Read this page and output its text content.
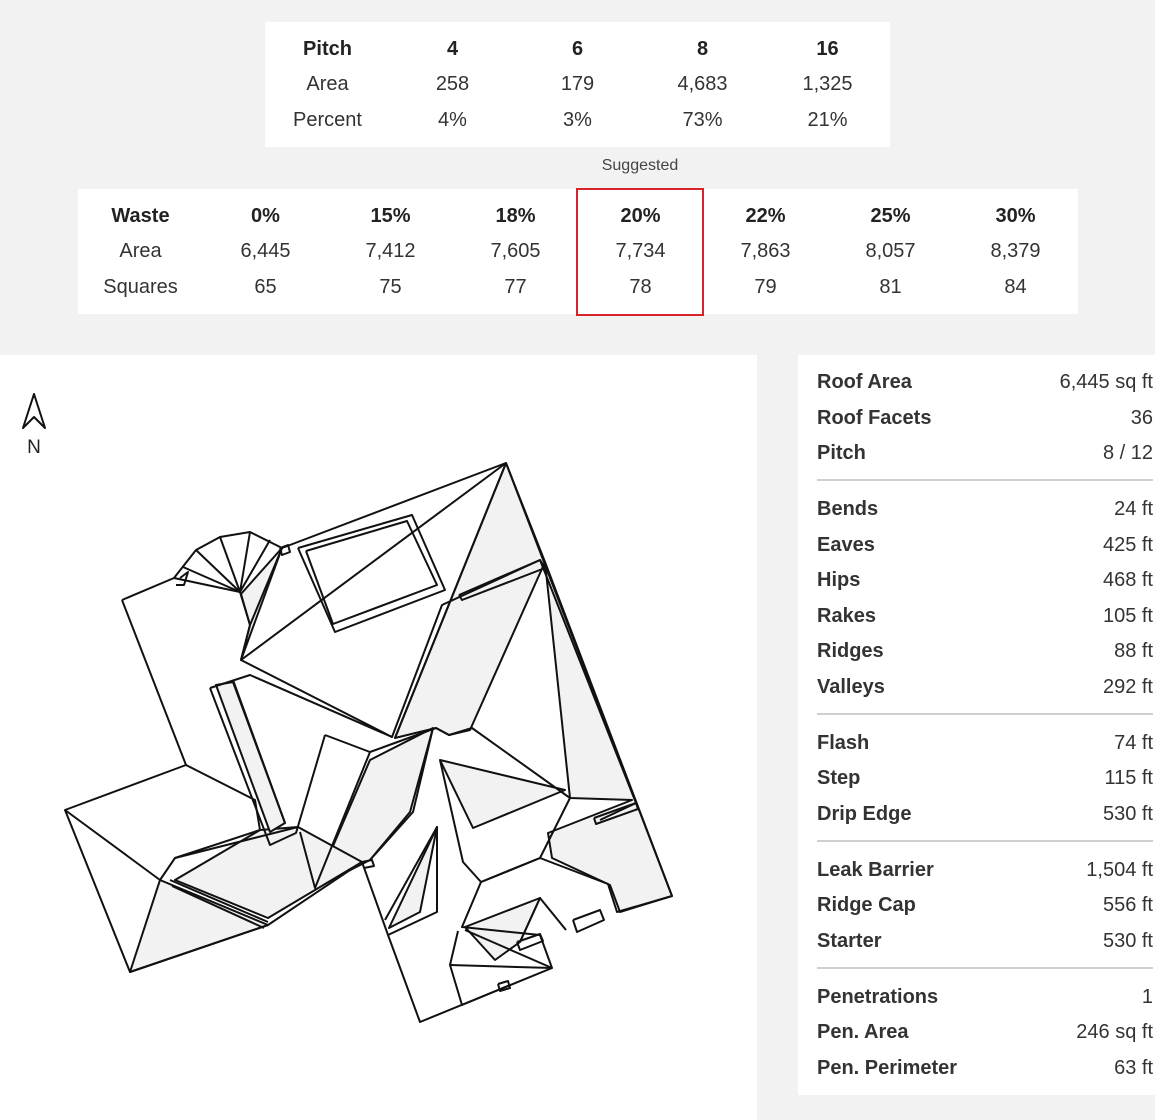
Pitch	4	6	8	16
Area	258	179	4,683	1,325
Percent	4%	3%	73%	21%
Suggested
Waste	0%	15%	18%	20%	22%	25%	30%
Area	6,445	7,412	7,605	7,734	7,863	8,057	8,379
Squares	65	75	77	78	79	81	84
N
Roof Area	6,445 sq ft
Roof Facets	36
Pitch	8 / 12
Bends	24 ft
Eaves	425 ft
Hips	468 ft
Rakes	105 ft
Ridges	88 ft
Valleys	292 ft
Flash	74 ft
Step	115 ft
Drip Edge	530 ft
Leak Barrier	1,504 ft
Ridge Cap	556 ft
Starter	530 ft
Penetrations	1
Pen. Area	246 sq ft
Pen. Perimeter	63 ft
